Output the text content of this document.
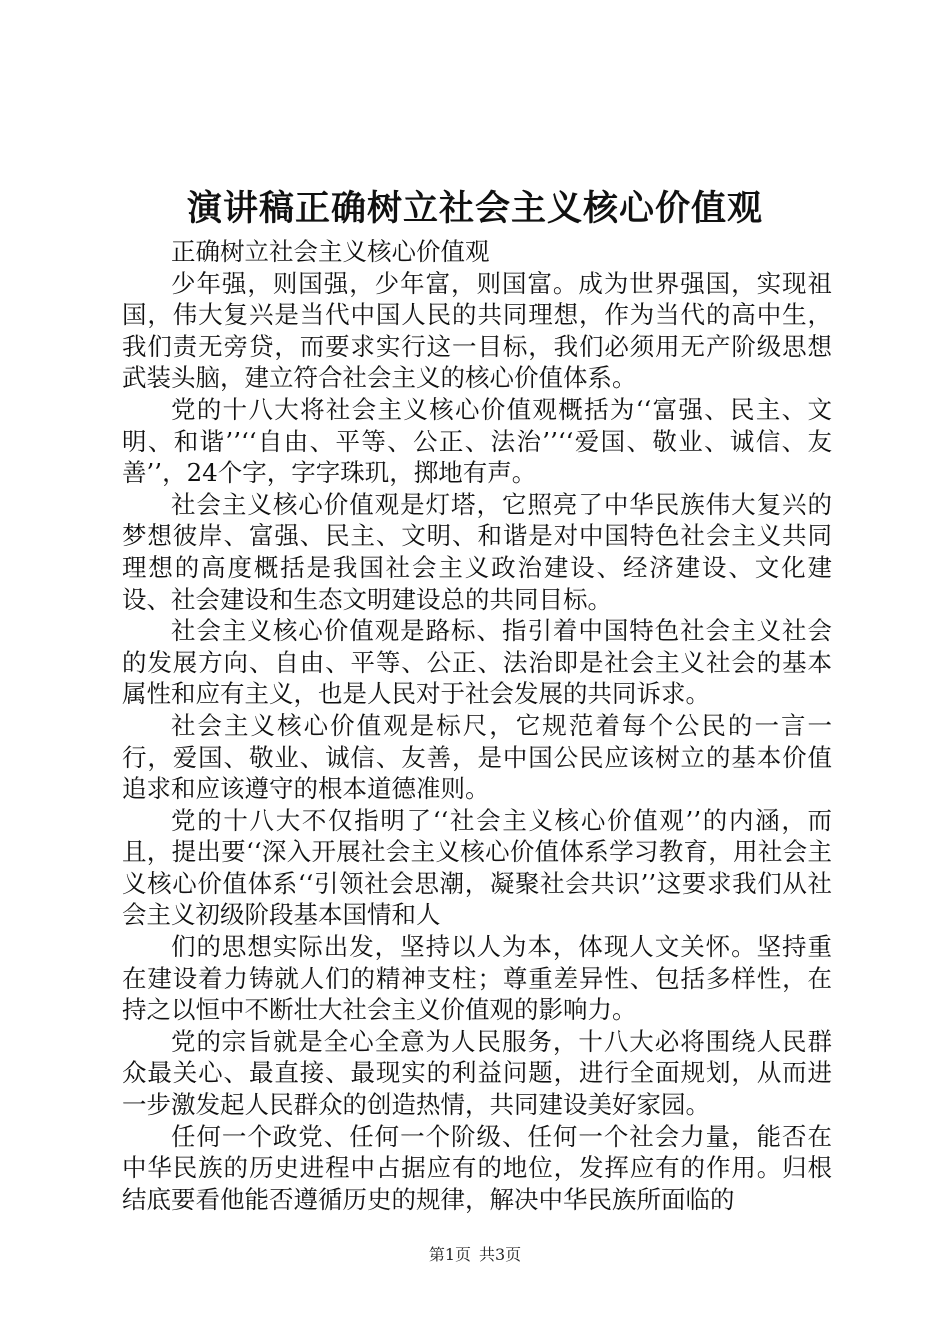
演讲稿正确树立社会主义核心价值观

正确树立社会主义核心价值观

少年强，则国强，少年富，则国富。成为世界强国，实现祖国，伟大复兴是当代中国人民的共同理想，作为当代的高中生，我们责无旁贷，而要求实行这一目标，我们必须用无产阶级思想武装头脑，建立符合社会主义的核心价值体系。

党的十八大将社会主义核心价值观概括为‘‘富强、民主、文明、和谐’’‘‘自由、平等、公正、法治’’‘‘爱国、敬业、诚信、友善’’，24个字，字字珠玑，掷地有声。

社会主义核心价值观是灯塔，它照亮了中华民族伟大复兴的梦想彼岸、富强、民主、文明、和谐是对中国特色社会主义共同理想的高度概括是我国社会主义政治建设、经济建设、文化建设、社会建设和生态文明建设总的共同目标。

社会主义核心价值观是路标、指引着中国特色社会主义社会的发展方向、自由、平等、公正、法治即是社会主义社会的基本属性和应有主义，也是人民对于社会发展的共同诉求。

社会主义核心价值观是标尺，它规范着每个公民的一言一行，爱国、敬业、诚信、友善，是中国公民应该树立的基本价值追求和应该遵守的根本道德准则。

党的十八大不仅指明了‘‘社会主义核心价值观’’的内涵，而且，提出要‘‘深入开展社会主义核心价值体系学习教育，用社会主义核心价值体系‘‘引领社会思潮，凝聚社会共识’’这要求我们从社会主义初级阶段基本国情和人

们的思想实际出发，坚持以人为本，体现人文关怀。坚持重在建设着力铸就人们的精神支柱；尊重差异性、包括多样性，在持之以恒中不断壮大社会主义价值观的影响力。

党的宗旨就是全心全意为人民服务，十八大必将围绕人民群众最关心、最直接、最现实的利益问题，进行全面规划，从而进一步激发起人民群众的创造热情，共同建设美好家园。

任何一个政党、任何一个阶级、任何一个社会力量，能否在中华民族的历史进程中占据应有的地位，发挥应有的作用。归根结底要看他能否遵循历史的规律，解决中华民族所面临的

第1页 共3页
